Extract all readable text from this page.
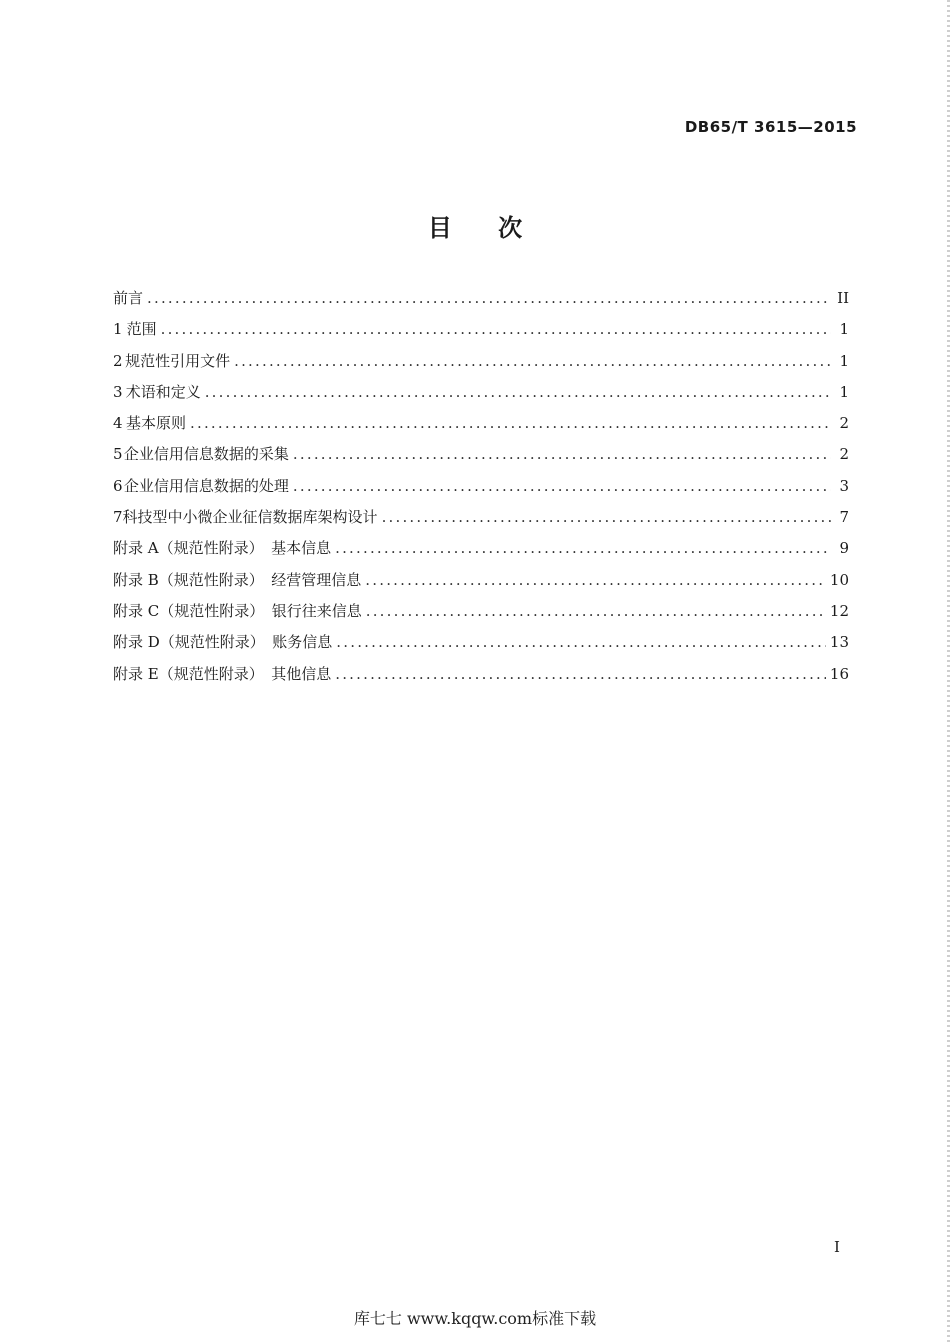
DB65/T 3615—2015
目 次
前言 .....	II
1 范围 .....	1
2 规范性引用文件 .....	1
3 术语和定义 .....	1
4 基本原则 .....	2
5 企业信用信息数据的采集 .....	2
6 企业信用信息数据的处理 .....	3
7 科技型中小微企业征信数据库架构设计 .....	7
附录 A（规范性附录）　基本信息 .....	9
附录 B（规范性附录）　经营管理信息 .....	10
附录 C（规范性附录）　银行往来信息 .....	12
附录 D（规范性附录）　账务信息 .....	13
附录 E（规范性附录）　其他信息 .....	16
I
库七七 www.kqqw.com标准下载
